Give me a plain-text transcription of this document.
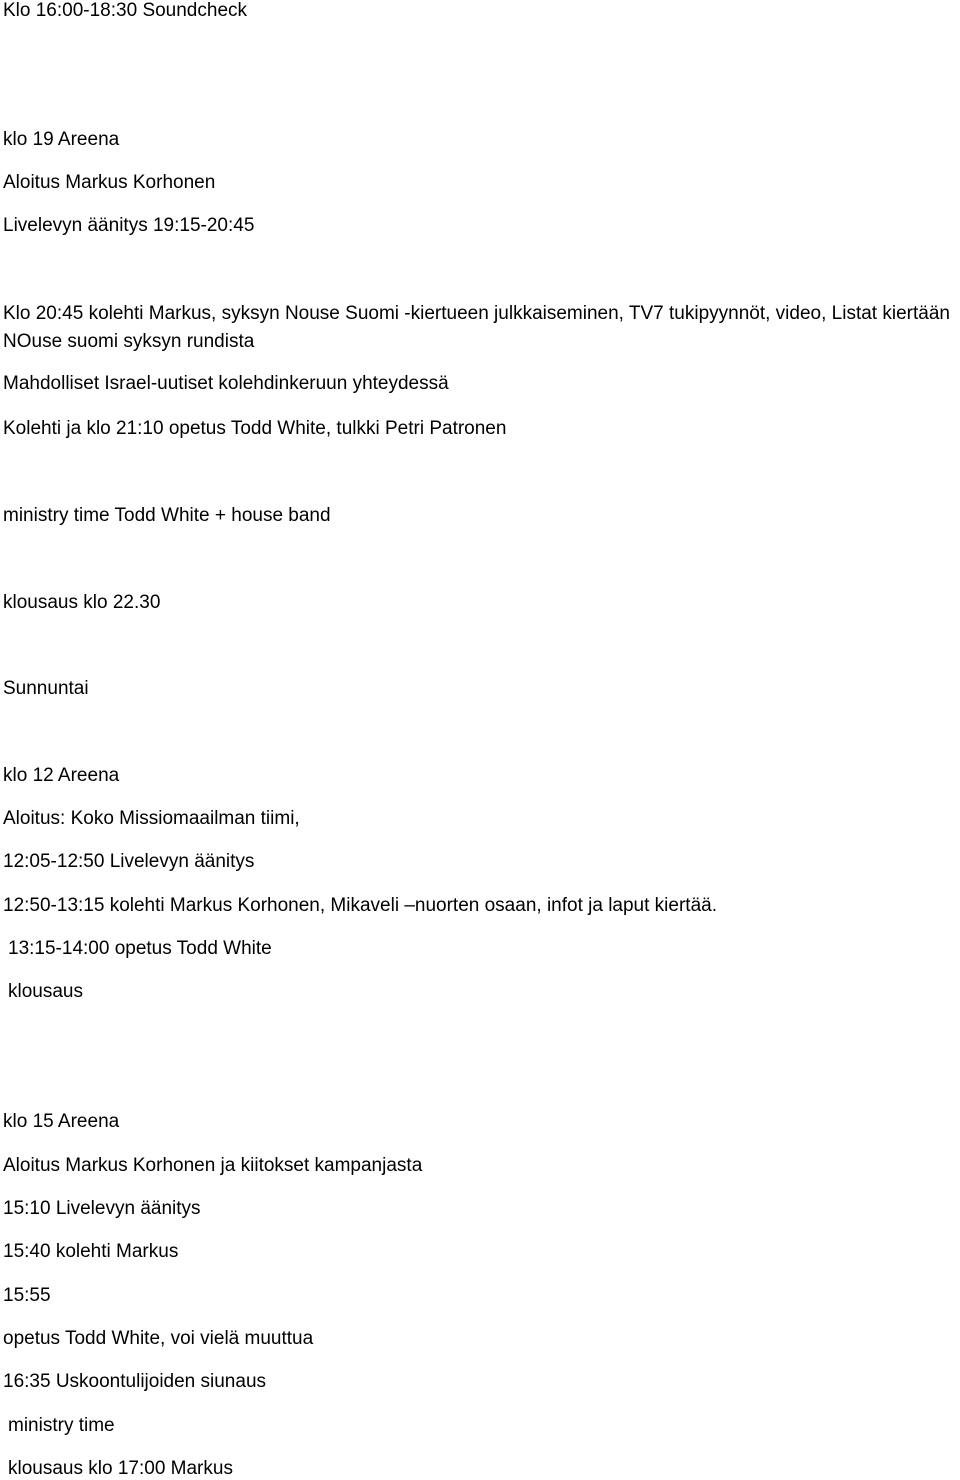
Klo 16:00-18:30 Soundcheck
klo 19 Areena
Aloitus Markus Korhonen
Livelevyn äänitys 19:15-20:45
Klo 20:45 kolehti Markus, syksyn Nouse Suomi -kiertueen julkkaiseminen, TV7 tukipyynnöt, video, Listat kiertään NOuse suomi syksyn rundista
Mahdolliset Israel-uutiset kolehdinkeruun yhteydessä
Kolehti ja klo 21:10 opetus Todd White, tulkki Petri Patronen
ministry time Todd White + house band
klousaus klo 22.30
Sunnuntai
klo 12 Areena
Aloitus: Koko Missiomaailman tiimi,
12:05-12:50 Livelevyn äänitys
12:50-13:15 kolehti Markus Korhonen, Mikaveli –nuorten osaan, infot ja laput kiertää.
13:15-14:00 opetus Todd White
klousaus
klo 15 Areena
Aloitus Markus Korhonen ja kiitokset kampanjasta
15:10 Livelevyn äänitys
15:40 kolehti Markus
15:55
opetus Todd White, voi vielä muuttua
16:35 Uskoontulijoiden siunaus
ministry time
klousaus klo 17:00 Markus
